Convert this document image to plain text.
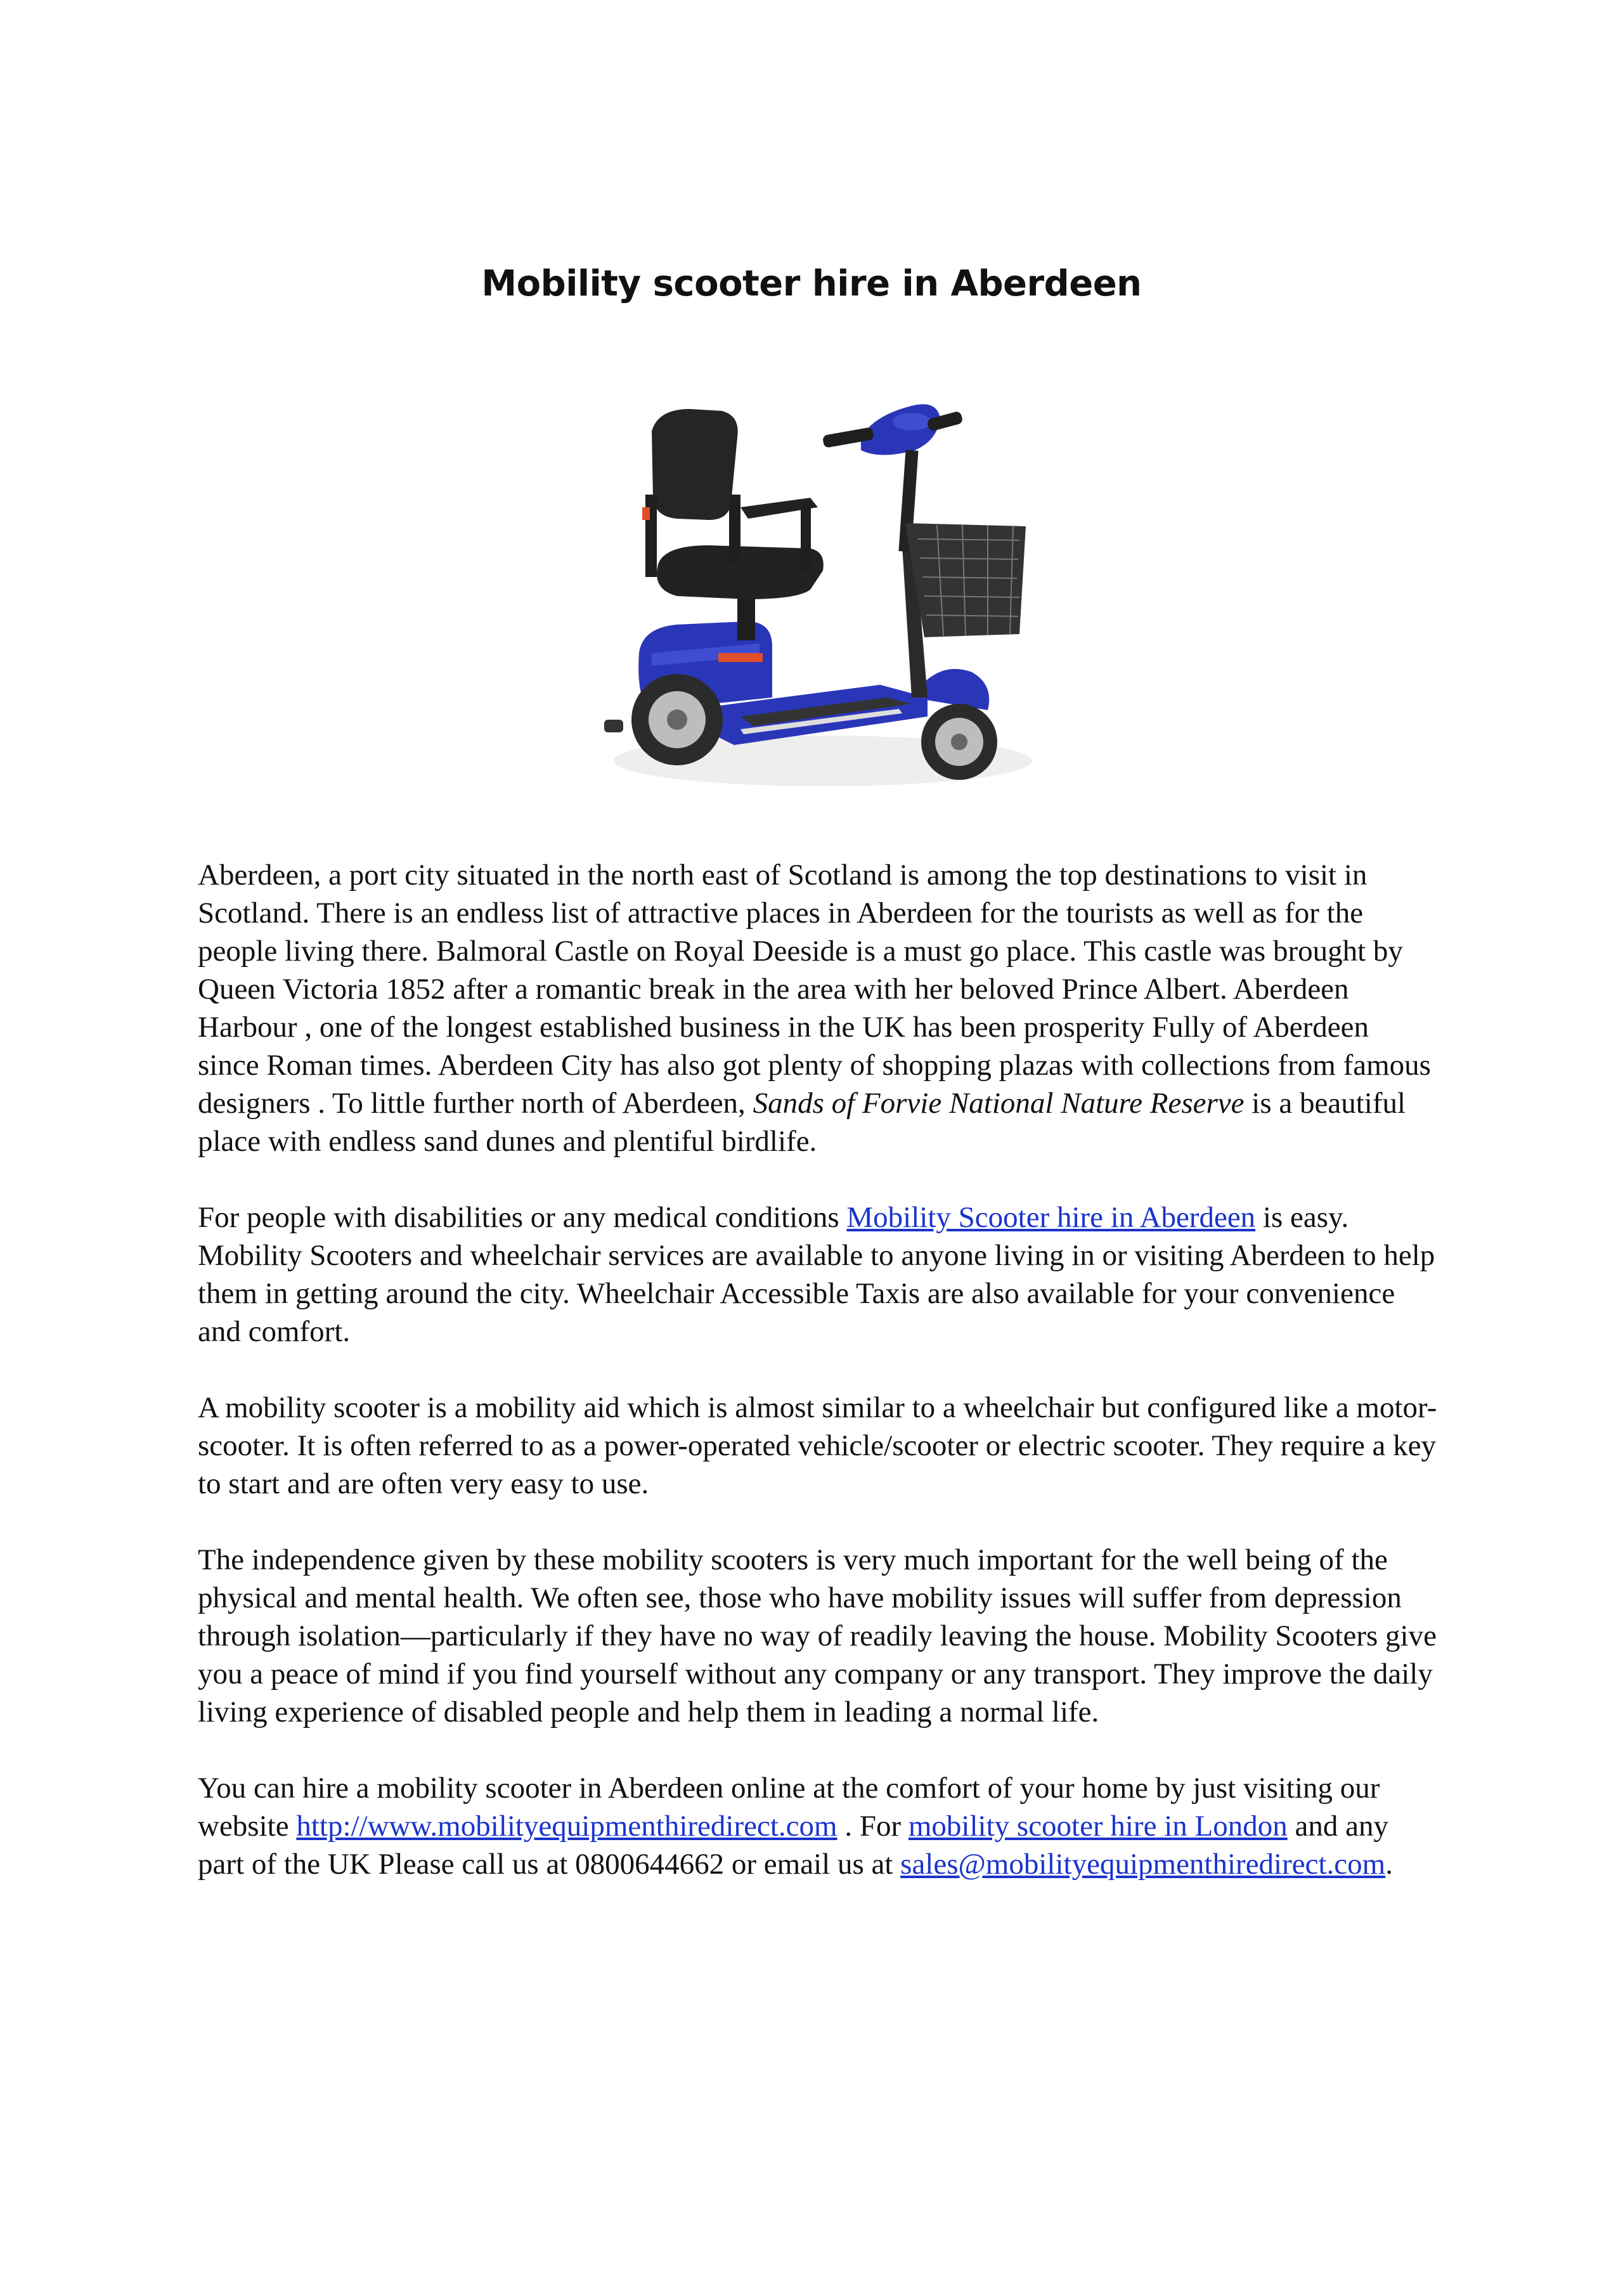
Mobility scooter hire in Aberdeen

Aberdeen, a port city situated in the north east of Scotland is among the top destinations to visit in Scotland. There is an endless list of attractive places in Aberdeen for the tourists as well as for the people living there. Balmoral Castle on Royal Deeside is a must go place. This castle was brought by Queen Victoria 1852 after a romantic break in the area with her beloved Prince Albert. Aberdeen Harbour , one of the longest established business in the UK has been prosperity Fully of Aberdeen since Roman times. Aberdeen City has also got plenty of shopping plazas with collections from famous designers . To little further north of Aberdeen, Sands of Forvie National Nature Reserve is a beautiful place with endless sand dunes and plentiful birdlife.

For people with disabilities or any medical conditions Mobility Scooter hire in Aberdeen is easy. Mobility Scooters and wheelchair services are available to anyone living in or visiting Aberdeen to help them in getting around the city. Wheelchair Accessible Taxis are also available for your convenience and comfort.

A mobility scooter is a mobility aid which is almost similar to a wheelchair but configured like a motor-scooter. It is often referred to as a power-operated vehicle/scooter or electric scooter. They require a key to start and are often very easy to use.

The independence given by these mobility scooters is very much important for the well being of the physical and mental health. We often see, those who have mobility issues will suffer from depression through isolation—particularly if they have no way of readily leaving the house. Mobility Scooters give you a peace of mind if you find yourself without any company or any transport. They improve the daily living experience of disabled people and help them in leading a normal life.

You can hire a mobility scooter in Aberdeen online at the comfort of your home by just visiting our website http://www.mobilityequipmenthiredirect.com . For mobility scooter hire in London and any part of the UK Please call us at 0800644662 or email us at sales@mobilityequipmenthiredirect.com.
